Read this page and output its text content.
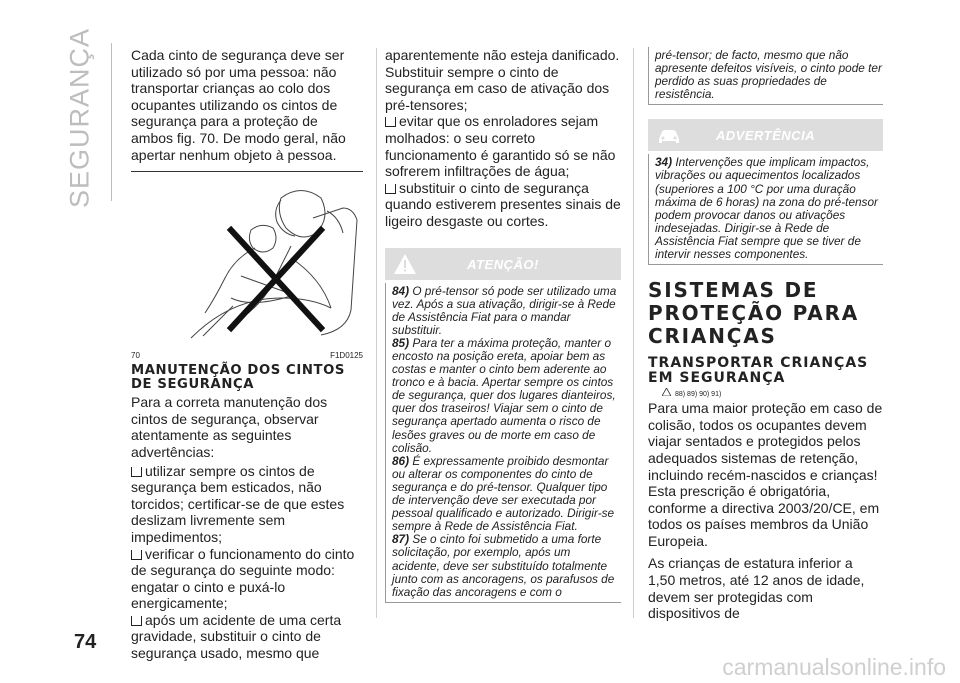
SEGURANÇA
74
carmanualsonline.info

Cada cinto de segurança deve ser utilizado só por uma pessoa: não transportar crianças ao colo dos ocupantes utilizando os cintos de segurança para a proteção de ambos fig. 70. De modo geral, não apertar nenhum objeto à pessoa.

70	F1D0125
MANUTENÇÃO DOS CINTOS DE SEGURANÇA

Para a correta manutenção dos cintos de segurança, observar atentamente as seguintes advertências:

utilizar sempre os cintos de segurança bem esticados, não torcidos; certificar-se de que estes deslizam livremente sem impedimentos;

verificar o funcionamento do cinto de segurança do seguinte modo: engatar o cinto e puxá-lo energicamente;

após um acidente de uma certa gravidade, substituir o cinto de segurança usado, mesmo que

aparentemente não esteja danificado. Substituir sempre o cinto de segurança em caso de ativação dos pré-tensores;

evitar que os enroladores sejam molhados: o seu correto funcionamento é garantido só se não sofrerem infiltrações de água;

substituir o cinto de segurança quando estiverem presentes sinais de ligeiro desgaste ou cortes.

ATENÇÃO!

84) O pré-tensor só pode ser utilizado uma vez. Após a sua ativação, dirigir-se à Rede de Assistência Fiat para o mandar substituir.

85) Para ter a máxima proteção, manter o encosto na posição ereta, apoiar bem as costas e manter o cinto bem aderente ao tronco e à bacia. Apertar sempre os cintos de segurança, quer dos lugares dianteiros, quer dos traseiros! Viajar sem o cinto de segurança apertado aumenta o risco de lesões graves ou de morte em caso de colisão.

86) É expressamente proibido desmontar ou alterar os componentes do cinto de segurança e do pré-tensor. Qualquer tipo de intervenção deve ser executada por pessoal qualificado e autorizado. Dirigir-se sempre à Rede de Assistência Fiat.

87) Se o cinto foi submetido a uma forte solicitação, por exemplo, após um acidente, deve ser substituído totalmente junto com as ancoragens, os parafusos de fixação das ancoragens e com o

pré-tensor; de facto, mesmo que não apresente defeitos visíveis, o cinto pode ter perdido as suas propriedades de resistência.

ADVERTÊNCIA

34) Intervenções que implicam impactos, vibrações ou aquecimentos localizados (superiores a 100 °C por uma duração máxima de 6 horas) na zona do pré-tensor podem provocar danos ou ativações indesejadas. Dirigir-se à Rede de Assistência Fiat sempre que se tiver de intervir nesses componentes.

SISTEMAS DE PROTEÇÃO PARA CRIANÇAS
TRANSPORTAR CRIANÇAS EM SEGURANÇA
88) 89) 90) 91)

Para uma maior proteção em caso de colisão, todos os ocupantes devem viajar sentados e protegidos pelos adequados sistemas de retenção, incluindo recém-nascidos e crianças! Esta prescrição é obrigatória, conforme a directiva 2003/20/CE, em todos os países membros da União Europeia.

As crianças de estatura inferior a 1,50 metros, até 12 anos de idade, devem ser protegidas com dispositivos de
